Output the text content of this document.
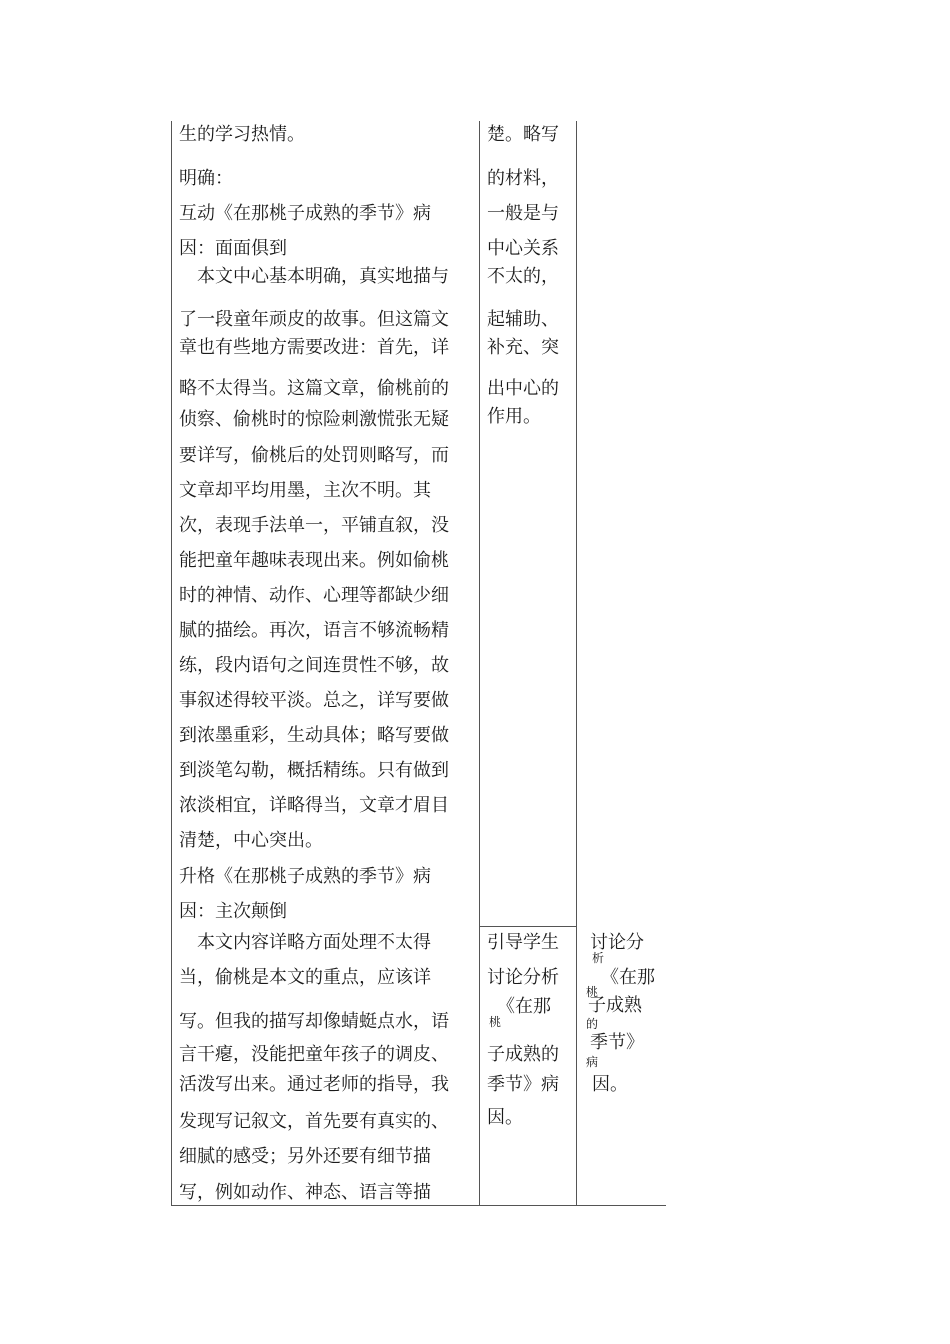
生的学习热情。
明确：
互动《在那桃子成熟的季节》病
因：面面俱到
　本文中心基本明确，真实地描与
了一段童年顽皮的故事。但这篇文
章也有些地方需要改进：首先，详
略不太得当。这篇文章，偷桃前的
侦察、偷桃时的惊险刺激慌张无疑
要详写，偷桃后的处罚则略写，而
文章却平均用墨，主次不明。其
次，表现手法单一，平铺直叙，没
能把童年趣味表现出来。例如偷桃
时的神情、动作、心理等都缺少细
腻的描绘。再次，语言不够流畅精
练，段内语句之间连贯性不够，故
事叙述得较平淡。总之，详写要做
到浓墨重彩，生动具体；略写要做
到淡笔勾勒，概括精练。只有做到
浓淡相宜，详略得当，文章才眉目
清楚，中心突出。
升格《在那桃子成熟的季节》病
因：主次颠倒
　本文内容详略方面处理不太得
当，偷桃是本文的重点，应该详
写。但我的描写却像蜻蜓点水，语
言干瘪，没能把童年孩子的调皮、
活泼写出来。通过老师的指导，我
发现写记叙文，首先要有真实的、
细腻的感受；另外还要有细节描
写，例如动作、神态、语言等描
楚。略写
的材料，
一般是与
中心关系
不太的，
起辅助、
补充、突
出中心的
作用。
引导学生
讨论分析
《在那
桃
子成熟的
季节》病
因。
讨论分
析
《在那
桃
子成熟
的
季节》
病
因。
